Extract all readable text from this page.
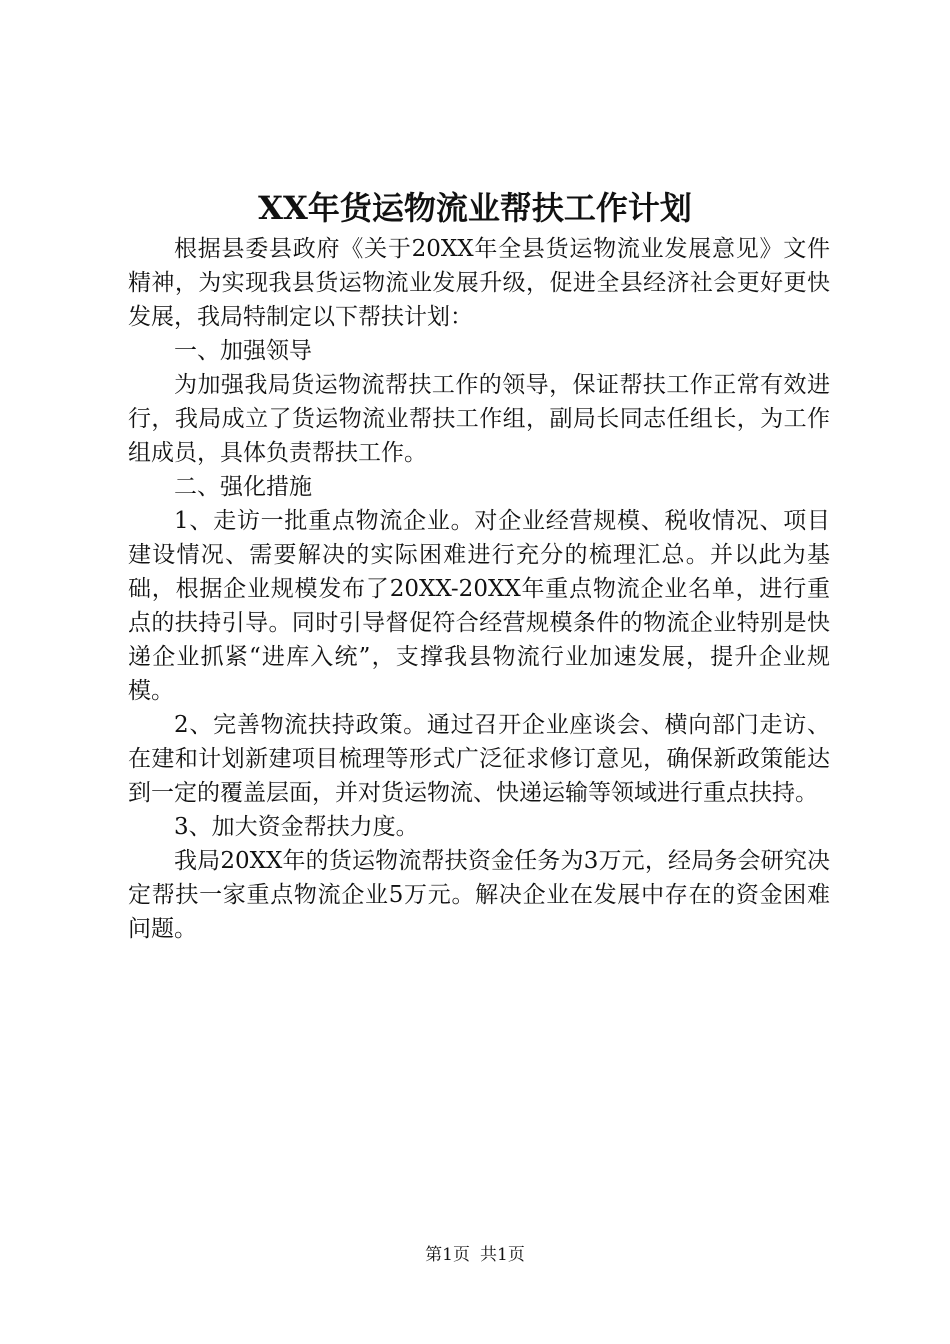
XX年货运物流业帮扶工作计划

根据县委县政府《关于20XX年全县货运物流业发展意见》文件精神，为实现我县货运物流业发展升级，促进全县经济社会更好更快发展，我局特制定以下帮扶计划：

一、加强领导

为加强我局货运物流帮扶工作的领导，保证帮扶工作正常有效进行，我局成立了货运物流业帮扶工作组，副局长同志任组长，为工作组成员，具体负责帮扶工作。

二、强化措施

1、走访一批重点物流企业。对企业经营规模、税收情况、项目建设情况、需要解决的实际困难进行充分的梳理汇总。并以此为基础，根据企业规模发布了20XX-20XX年重点物流企业名单，进行重点的扶持引导。同时引导督促符合经营规模条件的物流企业特别是快递企业抓紧“进库入统”，支撑我县物流行业加速发展，提升企业规模。

2、完善物流扶持政策。通过召开企业座谈会、横向部门走访、在建和计划新建项目梳理等形式广泛征求修订意见，确保新政策能达到一定的覆盖层面，并对货运物流、快递运输等领域进行重点扶持。

3、加大资金帮扶力度。

我局20XX年的货运物流帮扶资金任务为3万元，经局务会研究决定帮扶一家重点物流企业5万元。解决企业在发展中存在的资金困难问题。

第1页 共1页
